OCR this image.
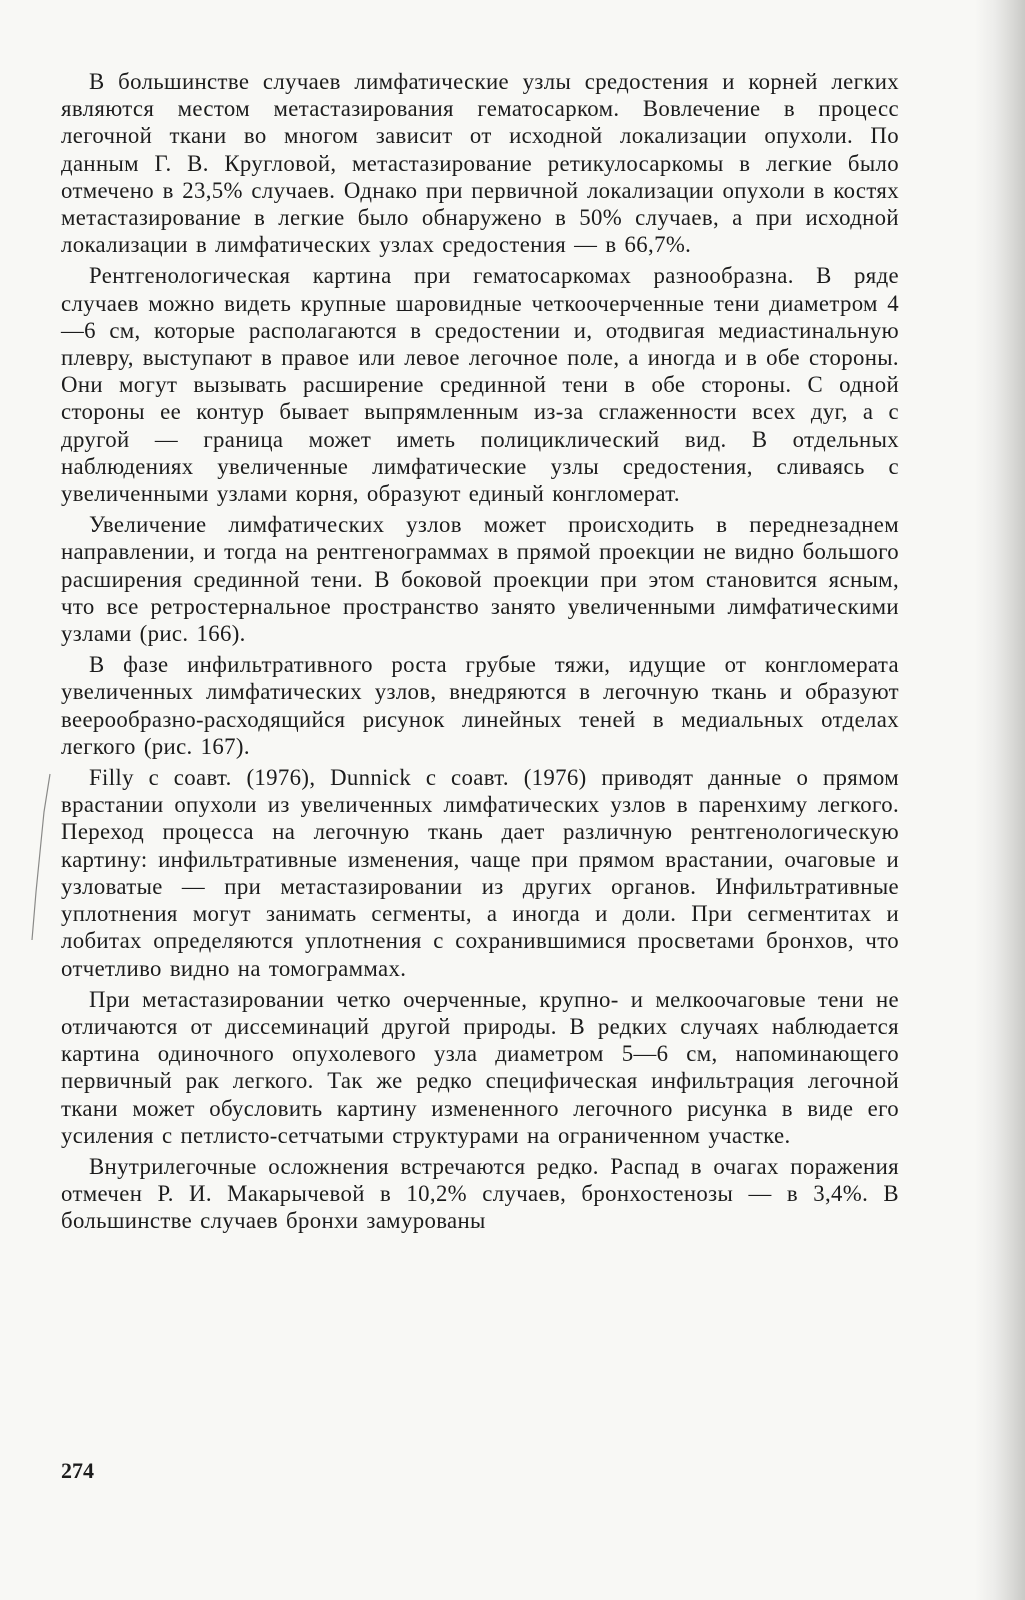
В большинстве случаев лимфатические узлы средостения и корней легких являются местом метастазирования гематосарком. Вовлечение в процесс легочной ткани во многом зависит от исходной локализации опухоли. По данным Г. В. Кругловой, метастазирование ретикулосаркомы в легкие было отмечено в 23,5% случаев. Однако при первичной локализации опухоли в костях метастазирование в легкие было обнаружено в 50% случаев, а при исходной локализации в лимфатических узлах средостения — в 66,7%.

Рентгенологическая картина при гематосаркомах разнообразна. В ряде случаев можно видеть крупные шаровидные четкоочерченные тени диаметром 4—6 см, которые располагаются в средостении и, отодвигая медиастинальную плевру, выступают в правое или левое легочное поле, а иногда и в обе стороны. Они могут вызывать расширение срединной тени в обе стороны. С одной стороны ее контур бывает выпрямленным из-за сглаженности всех дуг, а с другой — граница может иметь полициклический вид. В отдельных наблюдениях увеличенные лимфатические узлы средостения, сливаясь с увеличенными узлами корня, образуют единый конгломерат.

Увеличение лимфатических узлов может происходить в переднезаднем направлении, и тогда на рентгенограммах в прямой проекции не видно большого расширения срединной тени. В боковой проекции при этом становится ясным, что все ретростернальное пространство занято увеличенными лимфатическими узлами (рис. 166).

В фазе инфильтративного роста грубые тяжи, идущие от конгломерата увеличенных лимфатических узлов, внедряются в легочную ткань и образуют веерообразно-расходящийся рисунок линейных теней в медиальных отделах легкого (рис. 167).

Filly с соавт. (1976), Dunnick с соавт. (1976) приводят данные о прямом врастании опухоли из увеличенных лимфатических узлов в паренхиму легкого. Переход процесса на легочную ткань дает различную рентгенологическую картину: инфильтративные изменения, чаще при прямом врастании, очаговые и узловатые — при метастазировании из других органов. Инфильтративные уплотнения могут занимать сегменты, а иногда и доли. При сегментитах и лобитах определяются уплотнения с сохранившимися просветами бронхов, что отчетливо видно на томограммах.

При метастазировании четко очерченные, крупно- и мелкоочаговые тени не отличаются от диссеминаций другой природы. В редких случаях наблюдается картина одиночного опухолевого узла диаметром 5—6 см, напоминающего первичный рак легкого. Так же редко специфическая инфильтрация легочной ткани может обусловить картину измененного легочного рисунка в виде его усиления с петлисто-сетчатыми структурами на ограниченном участке.

Внутрилегочные осложнения встречаются редко. Распад в очагах поражения отмечен Р. И. Макарычевой в 10,2% случаев, бронхостенозы — в 3,4%. В большинстве случаев бронхи замурованы

274
